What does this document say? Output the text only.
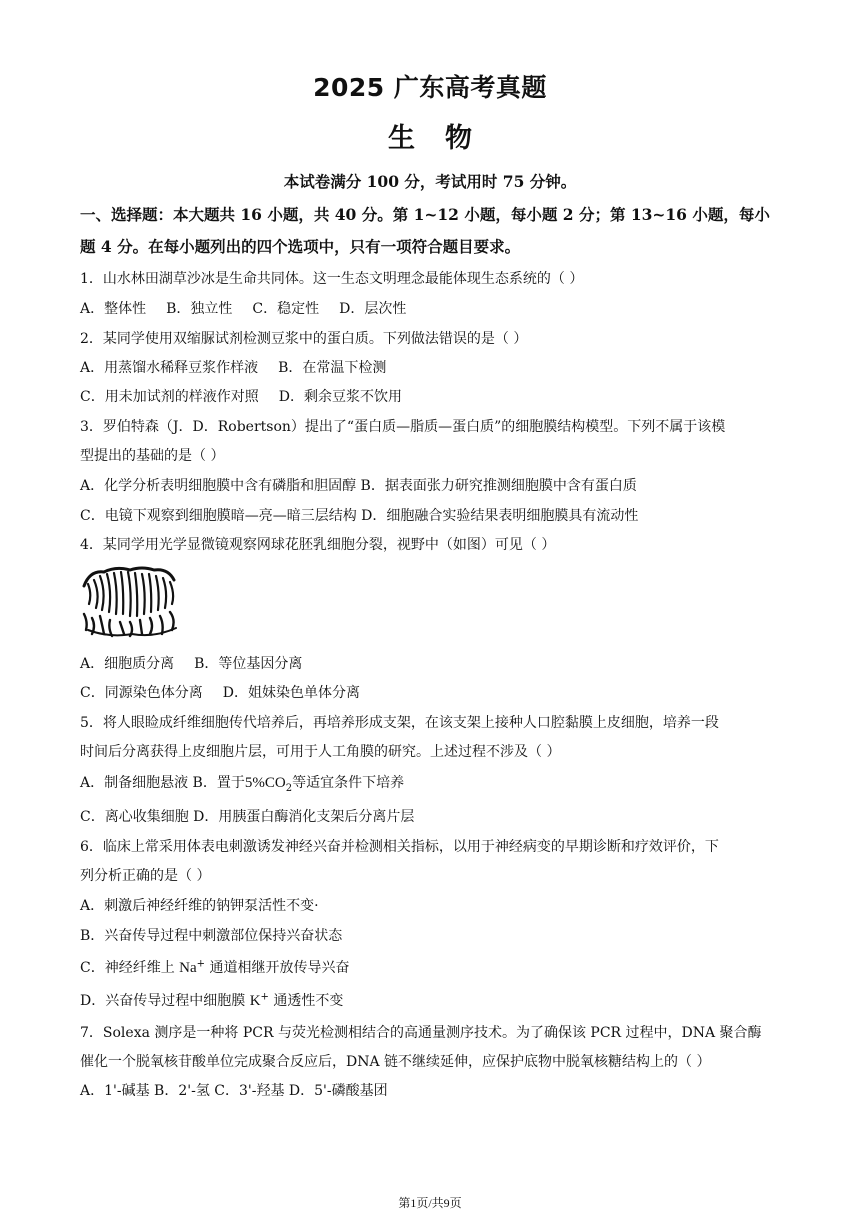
2025 广东高考真题
生物
本试卷满分 100 分，考试用时 75 分钟。
一、选择题：本大题共 16 小题，共 40 分。第 1~12 小题，每小题 2 分；第 13~16 小题，每小
题 4 分。在每小题列出的四个选项中，只有一项符合题目要求。
1．山水林田湖草沙冰是生命共同体。这一生态文明理念最能体现生态系统的（ ）
A．整体性 B．独立性 C．稳定性 D．层次性
2．某同学使用双缩脲试剂检测豆浆中的蛋白质。下列做法错误的是（ ）
A．用蒸馏水稀释豆浆作样液 B．在常温下检测
C．用未加试剂的样液作对照 D．剩余豆浆不饮用
3．罗伯特森（J．D．Robertson）提出了“蛋白质—脂质—蛋白质”的细胞膜结构模型。下列不属于该模
型提出的基础的是（ ）
A．化学分析表明细胞膜中含有磷脂和胆固醇 B．据表面张力研究推测细胞膜中含有蛋白质
C．电镜下观察到细胞膜暗—亮—暗三层结构 D．细胞融合实验结果表明细胞膜具有流动性
4．某同学用光学显微镜观察网球花胚乳细胞分裂，视野中（如图）可见（ ）
A．细胞质分离 B．等位基因分离
C．同源染色体分离 D．姐妹染色单体分离
5．将人眼睑成纤维细胞传代培养后，再培养形成支架，在该支架上接种人口腔黏膜上皮细胞，培养一段
时间后分离获得上皮细胞片层，可用于人工角膜的研究。上述过程不涉及（ ）
A．制备细胞悬液 B．置于$5\%CO_2$等适宜条件下培养
C．离心收集细胞 D．用胰蛋白酶消化支架后分离片层
6．临床上常采用体表电刺激诱发神经兴奋并检测相关指标，以用于神经病变的早期诊断和疗效评价，下
列分析正确的是（ ）
A．刺激后神经纤维的钠钾泵活性不变·
B．兴奋传导过程中刺激部位保持兴奋状态
C．神经纤维上 Na+ 通道相继开放传导兴奋
D．兴奋传导过程中细胞膜 K+ 通透性不变
7．Solexa 测序是一种将 PCR 与荧光检测相结合的高通量测序技术。为了确保该 PCR 过程中，DNA 聚合酶
催化一个脱氧核苷酸单位完成聚合反应后，DNA 链不继续延伸，应保护底物中脱氧核糖结构上的（ ）
A．1'-碱基 B．2'-氢 C．3'-羟基 D．5'-磷酸基团
第1页/共9页
